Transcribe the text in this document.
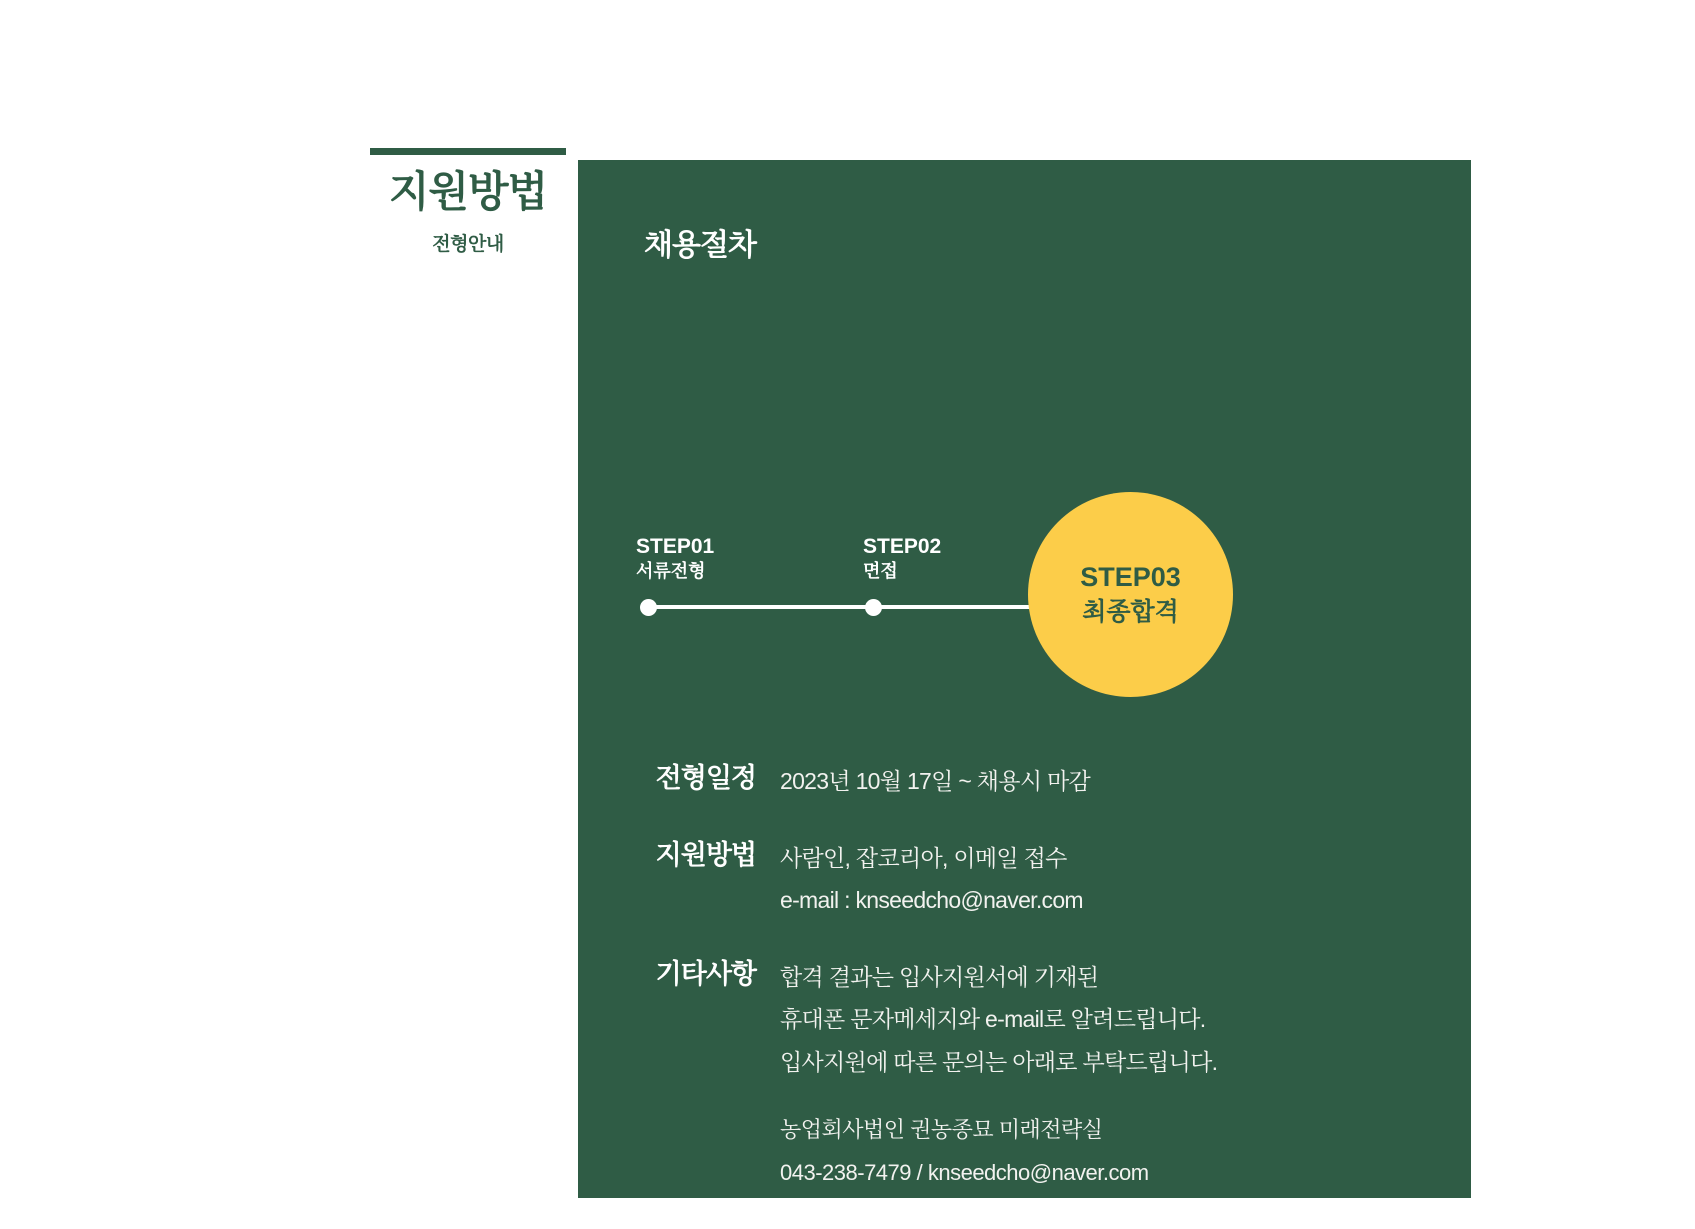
지원방법
전형안내	채용절차
STEP01
서류전형
STEP02
면접	STEP03
최종합격
전형일정	2023년 10월 17일 ~ 채용시 마감
지원방법	사람인, 잡코리아, 이메일 접수
e-mail : knseedcho@naver.com
기타사항	합격 결과는 입사지원서에 기재된
휴대폰 문자메세지와 e-mail로 알려드립니다.
입사지원에 따른 문의는 아래로 부탁드립니다.
농업회사법인 권농종묘 미래전략실
043-238-7479 / knseedcho@naver.com
